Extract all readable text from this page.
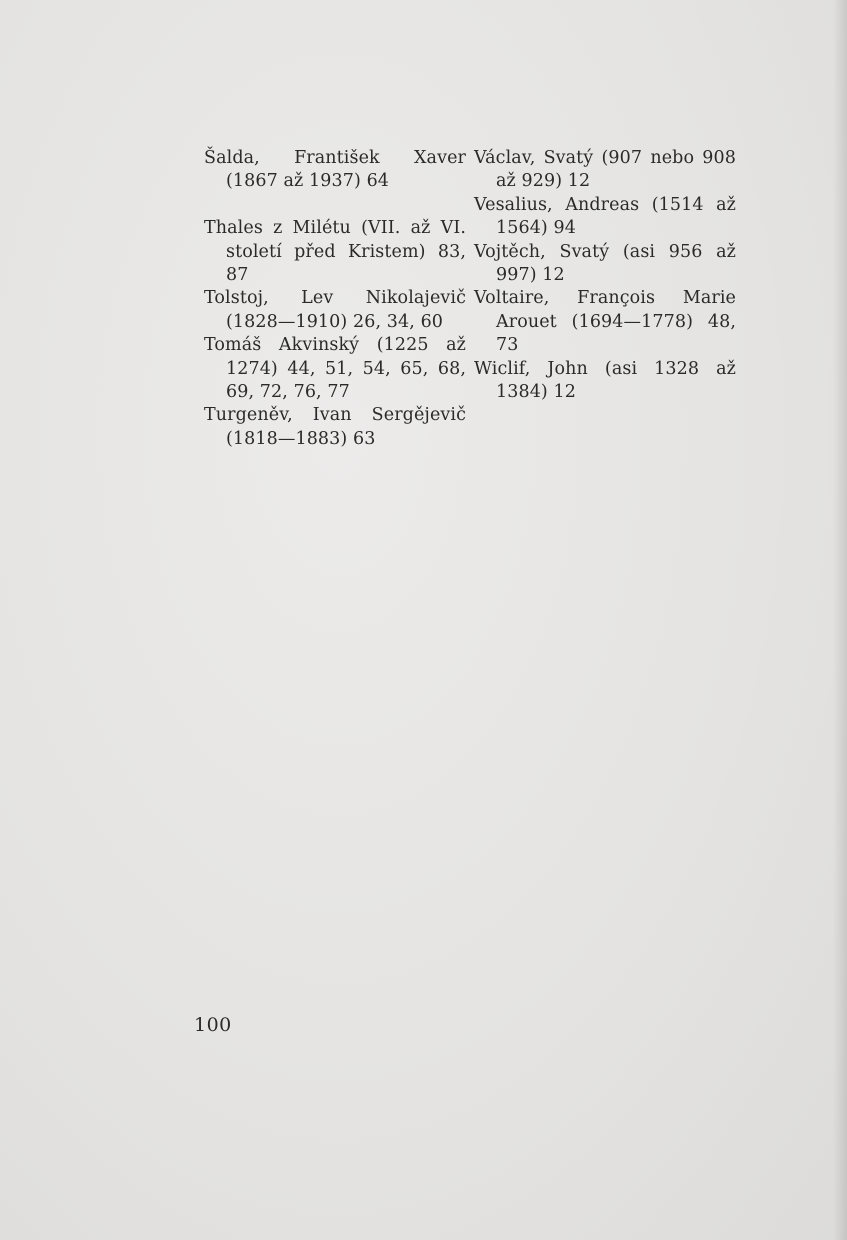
Šalda, František Xaver (1867 až 1937) 64

Thales z Milétu (VII. až VI. století před Kristem) 83, 87

Tolstoj, Lev Nikolajevič (1828—1910) 26, 34, 60

Tomáš Akvinský (1225 až 1274) 44, 51, 54, 65, 68, 69, 72, 76, 77

Turgeněv, Ivan Sergějevič (1818—1883) 63

Václav, Svatý (907 nebo 908 až 929) 12

Vesalius, Andreas (1514 až 1564) 94

Vojtěch, Svatý (asi 956 až 997) 12

Voltaire, François Marie Arouet (1694—1778) 48, 73

Wiclif, John (asi 1328 až 1384) 12

100
